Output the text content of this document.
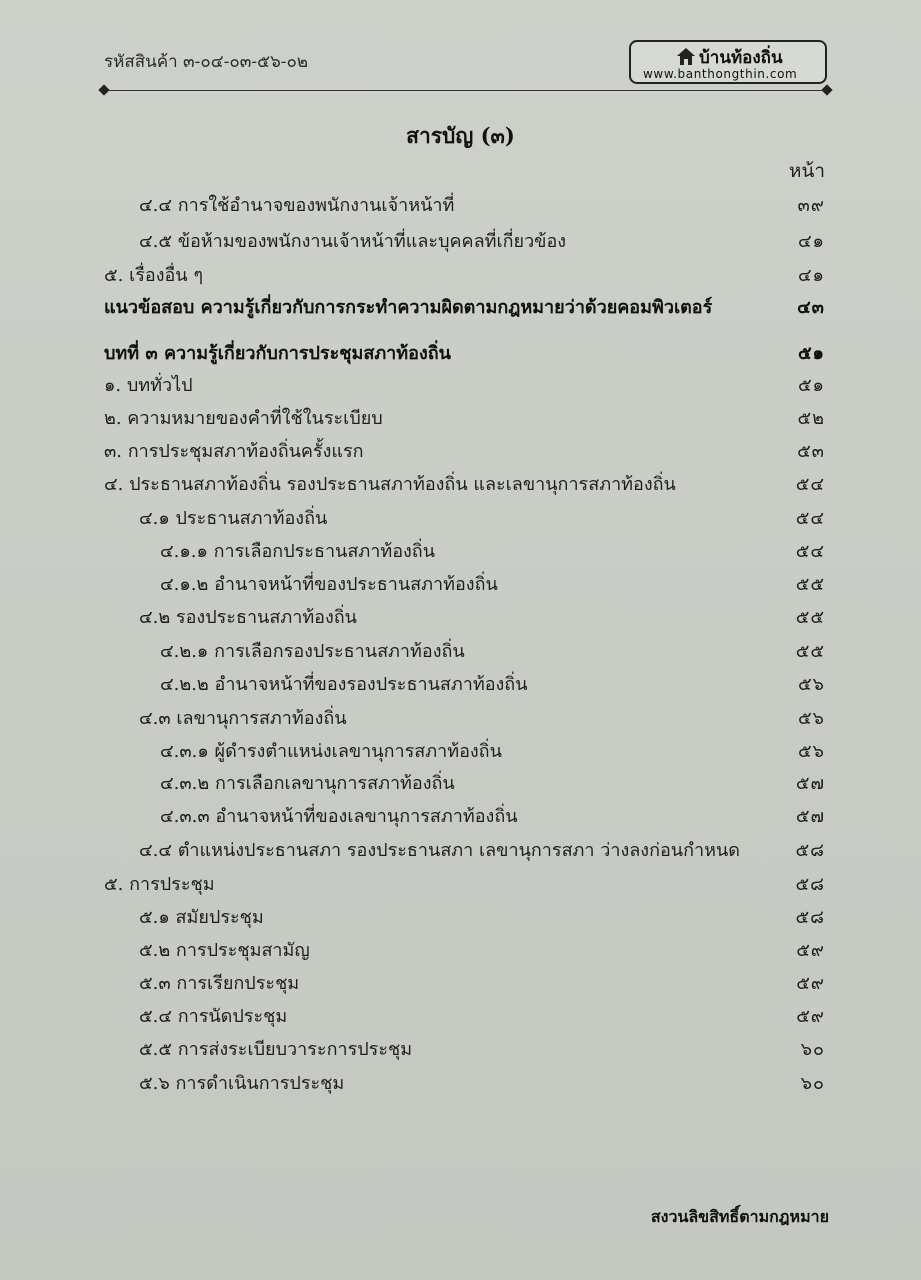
รหัสสินค้า ๓-๐๔-๐๓-๕๖-๐๒	บ้านท้องถิ่น
www.banthongthin.com
สารบัญ (๓)
หน้า
๔.๔ การใช้อำนาจของพนักงานเจ้าหน้าที่	๓๙
๔.๕ ข้อห้ามของพนักงานเจ้าหน้าที่และบุคคลที่เกี่ยวข้อง	๔๑
๕. เรื่องอื่น ๆ	๔๑
แนวข้อสอบ ความรู้เกี่ยวกับการกระทำความผิดตามกฎหมายว่าด้วยคอมพิวเตอร์	๔๓
บทที่ ๓ ความรู้เกี่ยวกับการประชุมสภาท้องถิ่น	๕๑
๑. บททั่วไป	๕๑
๒. ความหมายของคำที่ใช้ในระเบียบ	๕๒
๓. การประชุมสภาท้องถิ่นครั้งแรก	๕๓
๔. ประธานสภาท้องถิ่น รองประธานสภาท้องถิ่น และเลขานุการสภาท้องถิ่น	๕๔
๔.๑ ประธานสภาท้องถิ่น	๕๔
๔.๑.๑ การเลือกประธานสภาท้องถิ่น	๕๔
๔.๑.๒ อำนาจหน้าที่ของประธานสภาท้องถิ่น	๕๕
๔.๒ รองประธานสภาท้องถิ่น	๕๕
๔.๒.๑ การเลือกรองประธานสภาท้องถิ่น	๕๕
๔.๒.๒ อำนาจหน้าที่ของรองประธานสภาท้องถิ่น	๕๖
๔.๓ เลขานุการสภาท้องถิ่น	๕๖
๔.๓.๑ ผู้ดำรงตำแหน่งเลขานุการสภาท้องถิ่น	๕๖
๔.๓.๒ การเลือกเลขานุการสภาท้องถิ่น	๕๗
๔.๓.๓ อำนาจหน้าที่ของเลขานุการสภาท้องถิ่น	๕๗
๔.๔ ตำแหน่งประธานสภา รองประธานสภา เลขานุการสภา ว่างลงก่อนกำหนด	๕๘
๕. การประชุม	๕๘
๕.๑ สมัยประชุม	๕๘
๕.๒ การประชุมสามัญ	๕๙
๕.๓ การเรียกประชุม	๕๙
๕.๔ การนัดประชุม	๕๙
๕.๕ การส่งระเบียบวาระการประชุม	๖๐
๕.๖ การดำเนินการประชุม	๖๐
สงวนลิขสิทธิ์ตามกฎหมาย
